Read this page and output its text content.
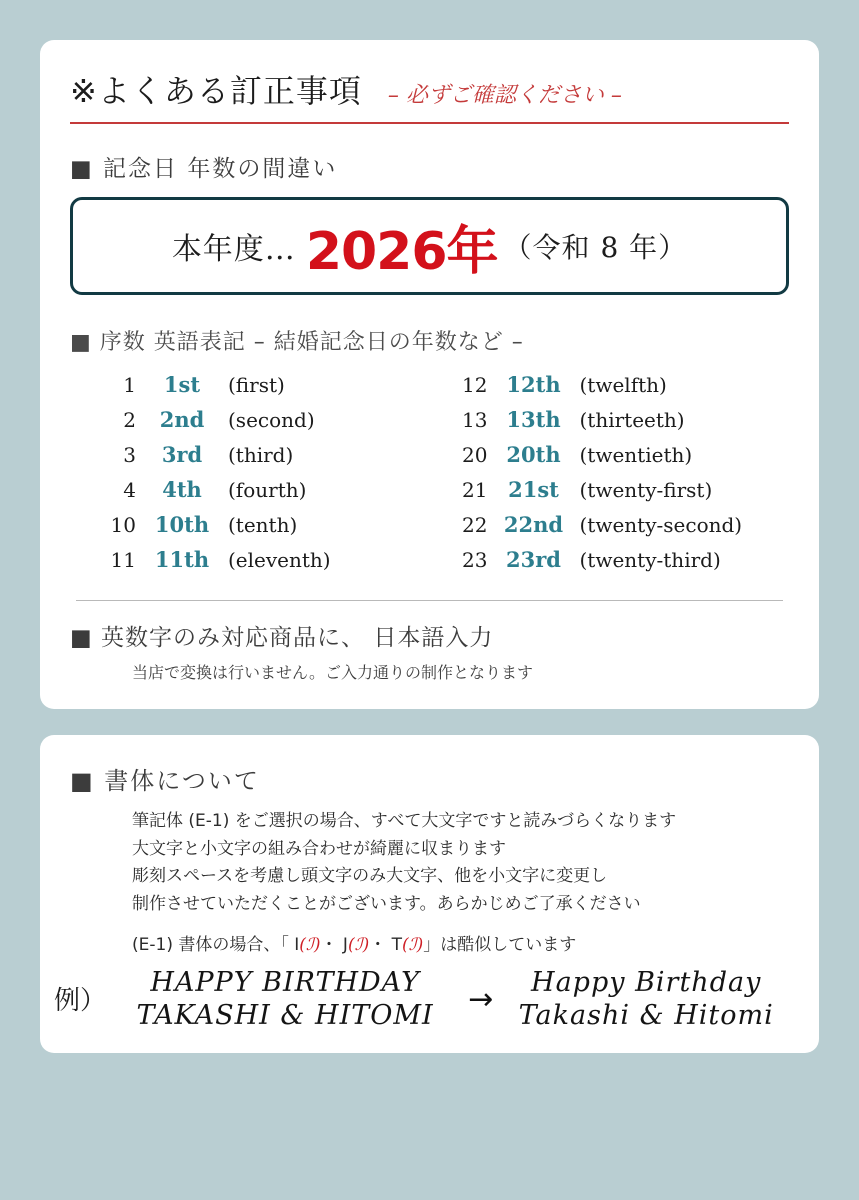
※よくある訂正事項 – 必ずご確認ください –
■ 記念日 年数の間違い
本年度… 2026年 （令和 8 年）
■ 序数 英語表記 – 結婚記念日の年数など –
1	1st	(first)
2	2nd	(second)
3	3rd	(third)
4	4th	(fourth)
10 10th (tenth)
11 11th (eleventh)
12 12th (twelfth)
13 13th (thirteeth)
20 20th (twentieth)
21 21st	(twenty-first)
22 22nd (twenty-second)
23 23rd (twenty-third)
■ 英数字のみ対応商品に、 日本語入力
当店で変換は行いません。ご入力通りの制作となります
■ 書体について
筆記体 (E-1) をご選択の場合、すべて大文字ですと読みづらくなります
大文字と小文字の組み合わせが綺麗に収まります
彫刻スペースを考慮し頭文字のみ大文字、他を小文字に変更し
制作させていただくことがございます。あらかじめご了承ください
(E-1) 書体の場合、「 I(ℐ)・ J(ℐ)・ T(ℐ)」は酷似しています
例）
HAPPY BIRTHDAY
TAKASHI & HITOMI	→	Happy Birthday
Takashi & Hitomi
